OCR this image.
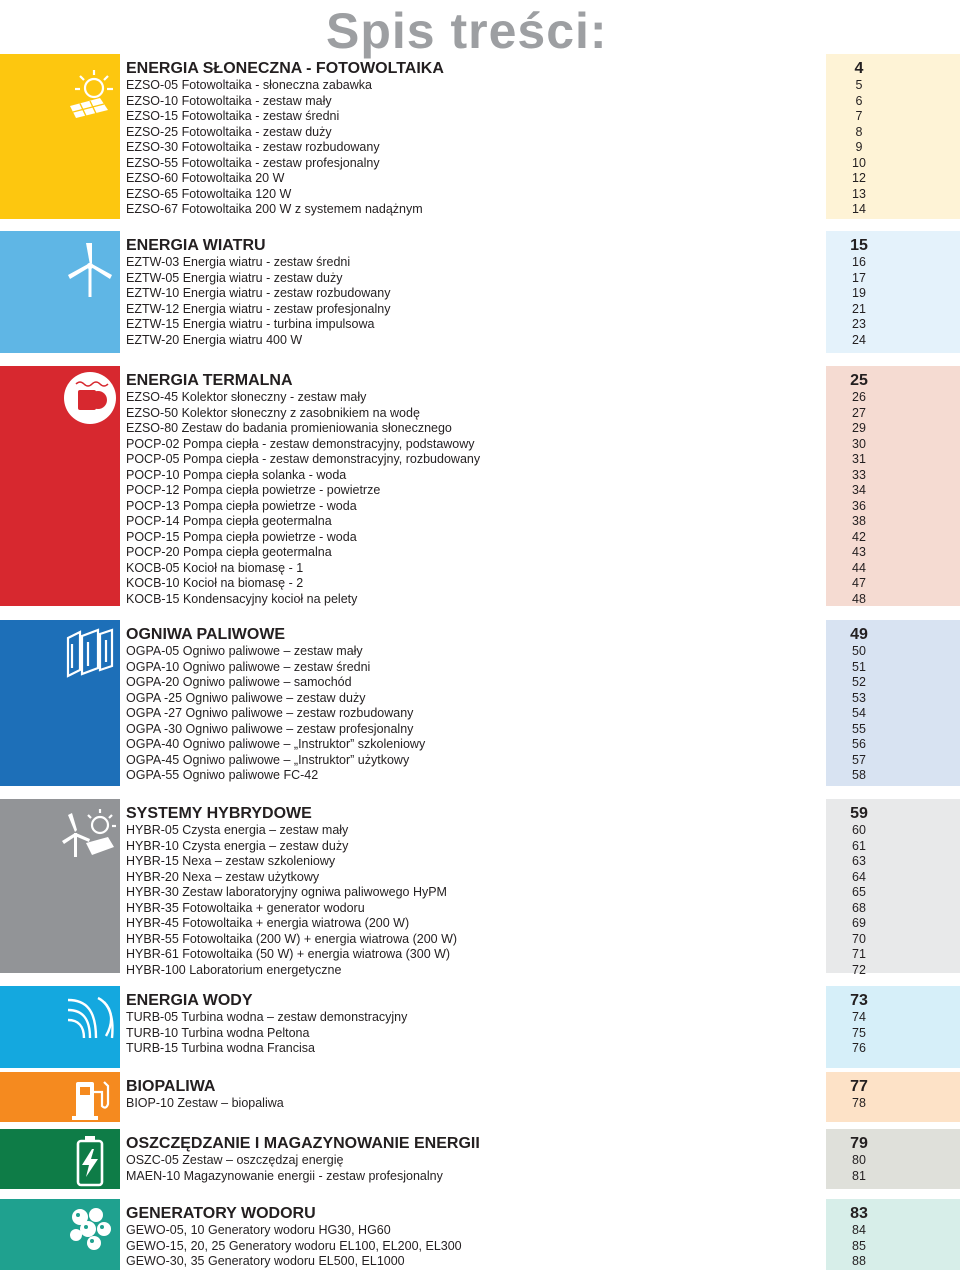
Spis treści:
ENERGIA SŁONECZNA - FOTOWOLTAIKA	4
EZSO-05 Fotowoltaika - słoneczna zabawka	5
EZSO-10 Fotowoltaika - zestaw mały	6
EZSO-15 Fotowoltaika - zestaw średni	7
EZSO-25 Fotowoltaika - zestaw duży	8
EZSO-30 Fotowoltaika - zestaw rozbudowany	9
EZSO-55 Fotowoltaika - zestaw profesjonalny	10
EZSO-60 Fotowoltaika 20 W	12
EZSO-65 Fotowoltaika 120 W	13
EZSO-67 Fotowoltaika 200 W z systemem nadążnym	14
ENERGIA WIATRU	15
EZTW-03 Energia wiatru - zestaw średni	16
EZTW-05 Energia wiatru - zestaw duży	17
EZTW-10 Energia wiatru - zestaw rozbudowany	19
EZTW-12 Energia wiatru - zestaw profesjonalny	21
EZTW-15 Energia wiatru - turbina impulsowa	23
EZTW-20 Energia wiatru 400 W	24
ENERGIA TERMALNA	25
EZSO-45 Kolektor słoneczny - zestaw mały	26
EZSO-50 Kolektor słoneczny z zasobnikiem na wodę	27
EZSO-80 Zestaw do badania promieniowania słonecznego	29
POCP-02 Pompa ciepła - zestaw demonstracyjny, podstawowy	30
POCP-05 Pompa ciepła - zestaw demonstracyjny, rozbudowany	31
POCP-10 Pompa ciepła solanka - woda	33
POCP-12 Pompa ciepła powietrze - powietrze	34
POCP-13 Pompa ciepła powietrze - woda	36
POCP-14 Pompa ciepła geotermalna	38
POCP-15 Pompa ciepła powietrze - woda	42
POCP-20 Pompa ciepła geotermalna	43
KOCB-05 Kocioł na biomasę - 1	44
KOCB-10 Kocioł na biomasę - 2	47
KOCB-15 Kondensacyjny kocioł na pelety	48
OGNIWA PALIWOWE	49
OGPA-05 Ogniwo paliwowe – zestaw mały	50
OGPA-10 Ogniwo paliwowe – zestaw średni	51
OGPA-20 Ogniwo paliwowe – samochód	52
OGPA -25 Ogniwo paliwowe – zestaw duży	53
OGPA -27 Ogniwo paliwowe – zestaw rozbudowany	54
OGPA -30 Ogniwo paliwowe – zestaw profesjonalny	55
OGPA-40 Ogniwo paliwowe – „Instruktor” szkoleniowy	56
OGPA-45 Ogniwo paliwowe – „Instruktor” użytkowy	57
OGPA-55 Ogniwo paliwowe FC-42	58
SYSTEMY HYBRYDOWE	59
HYBR-05 Czysta energia – zestaw mały	60
HYBR-10 Czysta energia – zestaw duży	61
HYBR-15 Nexa – zestaw szkoleniowy	63
HYBR-20 Nexa – zestaw użytkowy	64
HYBR-30 Zestaw laboratoryjny ogniwa paliwowego HyPM	65
HYBR-35 Fotowoltaika + generator wodoru	68
HYBR-45 Fotowoltaika + energia wiatrowa (200 W)	69
HYBR-55 Fotowoltaika (200 W) + energia wiatrowa (200 W)	70
HYBR-61 Fotowoltaika (50 W) + energia wiatrowa (300 W)	71
HYBR-100 Laboratorium energetyczne	72
ENERGIA WODY	73
TURB-05 Turbina wodna – zestaw demonstracyjny	74
TURB-10 Turbina wodna Peltona	75
TURB-15 Turbina wodna Francisa	76
BIOPALIWA	77
BIOP-10 Zestaw – biopaliwa	78
OSZCZĘDZANIE I MAGAZYNOWANIE ENERGII	79
OSZC-05 Zestaw – oszczędzaj energię	80
MAEN-10 Magazynowanie energii - zestaw profesjonalny	81
GENERATORY WODORU	83
GEWO-05, 10 Generatory wodoru HG30, HG60	84
GEWO-15, 20, 25 Generatory wodoru EL100, EL200, EL300	85
GEWO-30, 35 Generatory wodoru EL500, EL1000	88
